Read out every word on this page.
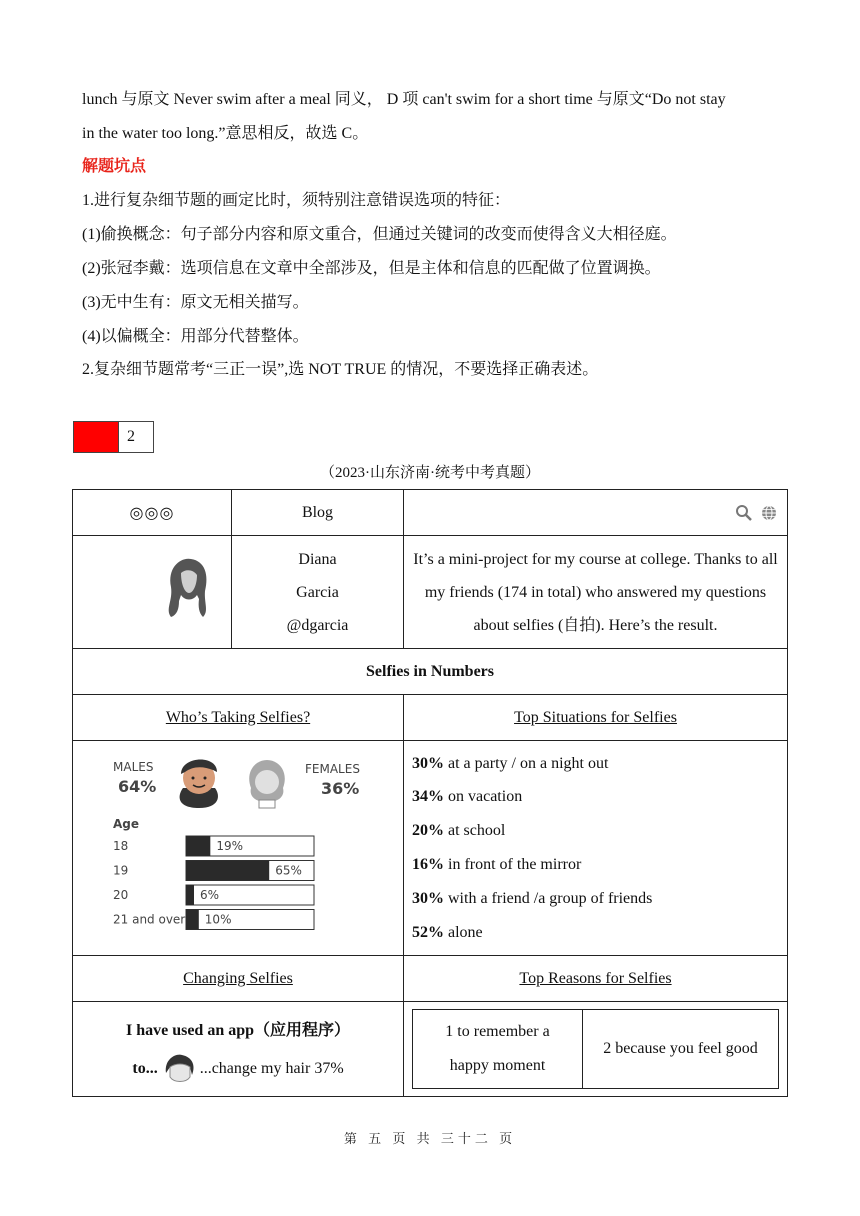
lunch 与原文 Never swim after a meal 同义， D 项 can't swim for a short time 与原文“Do not stay
in the water too long.”意思相反，故选 C。
解题坑点
1.进行复杂细节题的画定比时，须特别注意错误选项的特征：
(1)偷换概念：句子部分内容和原文重合，但通过关键词的改变而使得含义大相径庭。
(2)张冠李戴：选项信息在文章中全部涉及，但是主体和信息的匹配做了位置调换。
(3)无中生有：原文无相关描写。
(4)以偏概全：用部分代替整体。
2.复杂细节题常考“三正一误”,选 NOT TRUE 的情况，不要选择正确表述。
2
（2023·山东济南·统考中考真题）
◎◎◎	Blog	

Diana
Garcia
@dgarcia
	It’s a mini-project for my course at college. Thanks to all my friends (174 in total) who answered my questions about selfies (自拍). Here’s the result.
Selfies in Numbers
Who’s Taking Selfies?	Top Situations for Selfies

MALES
64%
FEMALES
36%
Age
18	19%
19	65%
20	6%
21 and over 10%

30% at a party / on a night out
34% on vacation
20% at school
16% in front of the mirror
30% with a friend /a group of friends
52% alone

Changing Selfies	Top Reasons for Selfies

I have used an app（应用程序）
to...	...change my hair 37%

1 to remember a
happy moment
	2 because you feel good
第 五 页 共 三十二 页
